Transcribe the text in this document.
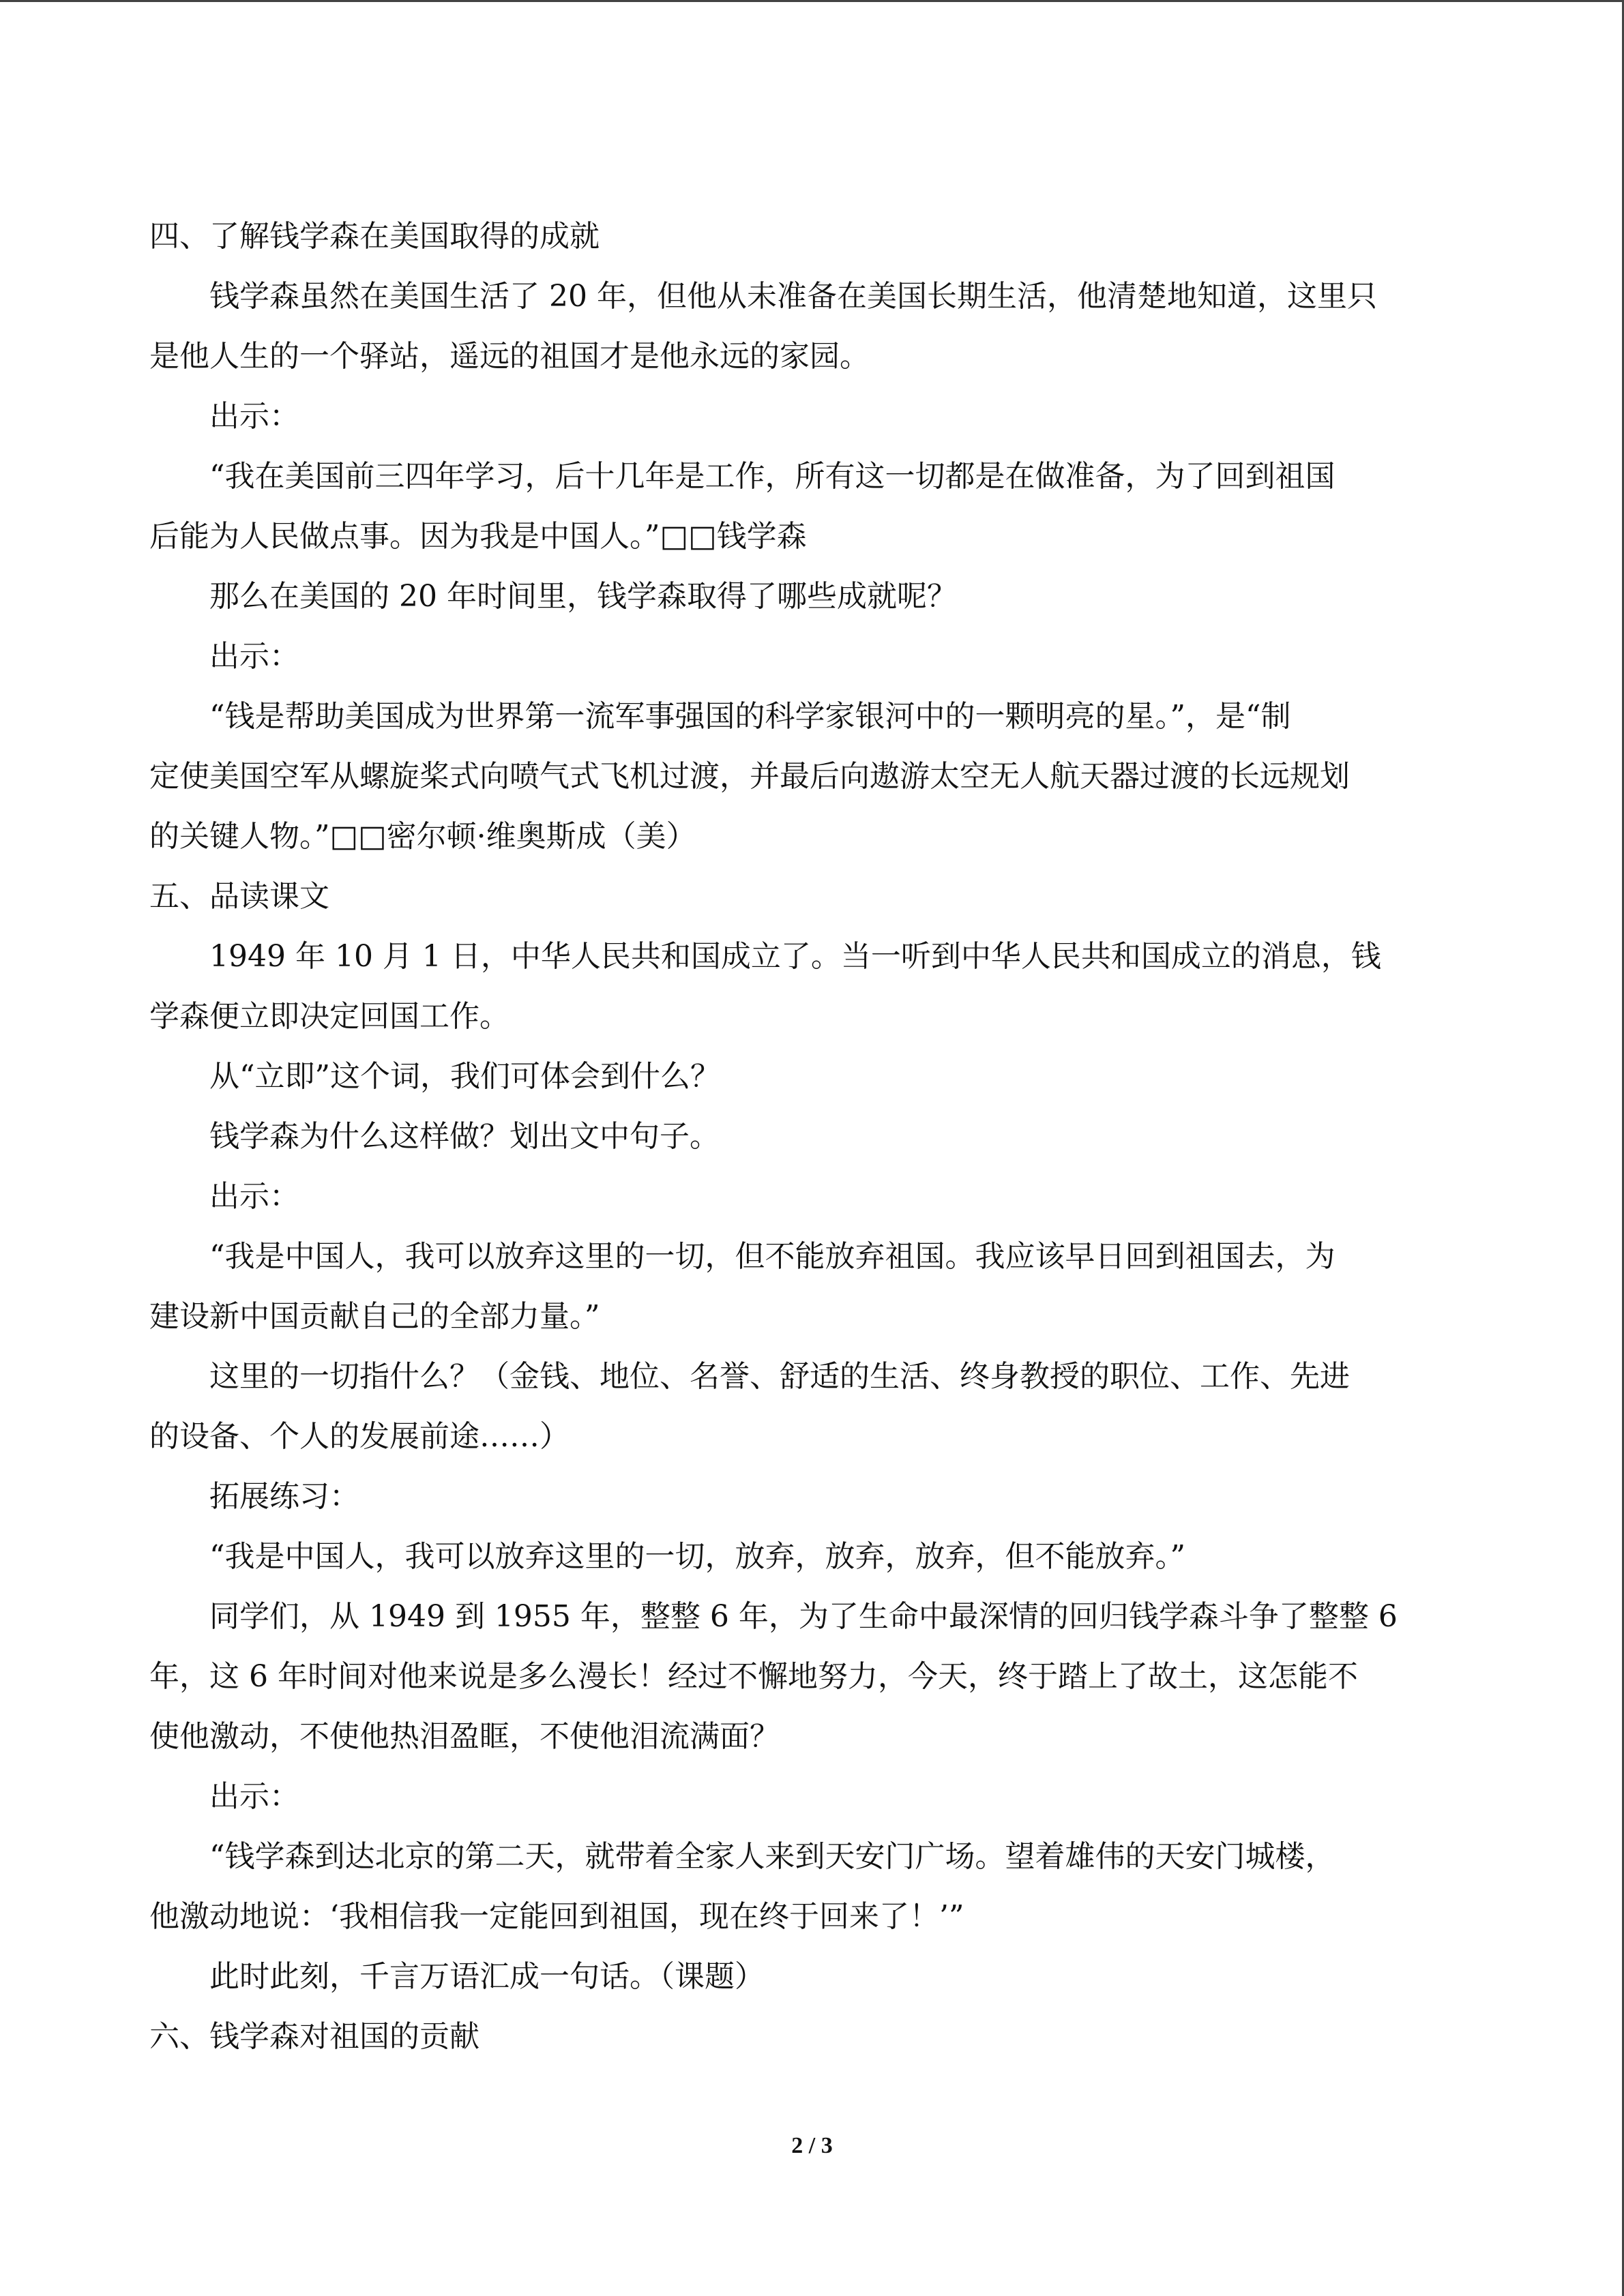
四、了解钱学森在美国取得的成就

钱学森虽然在美国生活了 20 年，但他从未准备在美国长期生活，他清楚地知道，这里只

是他人生的一个驿站，遥远的祖国才是他永远的家园。

出示：

“我在美国前三四年学习，后十几年是工作，所有这一切都是在做准备，为了回到祖国

后能为人民做点事。因为我是中国人。”□□钱学森

那么在美国的 20 年时间里，钱学森取得了哪些成就呢？

出示：

“钱是帮助美国成为世界第一流军事强国的科学家银河中的一颗明亮的星。”，是“制

定使美国空军从螺旋桨式向喷气式飞机过渡，并最后向遨游太空无人航天器过渡的长远规划

的关键人物。”□□密尔顿·维奥斯成（美）

五、品读课文

1949 年 10 月 1 日，中华人民共和国成立了。当一听到中华人民共和国成立的消息，钱

学森便立即决定回国工作。

从“立即”这个词，我们可体会到什么？

钱学森为什么这样做？划出文中句子。

出示：

“我是中国人，我可以放弃这里的一切，但不能放弃祖国。我应该早日回到祖国去，为

建设新中国贡献自己的全部力量。”

这里的一切指什么？（金钱、地位、名誉、舒适的生活、终身教授的职位、工作、先进

的设备、个人的发展前途……）

拓展练习：

“我是中国人，我可以放弃这里的一切，放弃，放弃，放弃，但不能放弃。”

同学们，从 1949 到 1955 年，整整 6 年，为了生命中最深情的回归钱学森斗争了整整 6

年，这 6 年时间对他来说是多么漫长！经过不懈地努力，今天，终于踏上了故土，这怎能不

使他激动，不使他热泪盈眶，不使他泪流满面？

出示：

“钱学森到达北京的第二天，就带着全家人来到天安门广场。望着雄伟的天安门城楼，

他激动地说：‘我相信我一定能回到祖国，现在终于回来了！’”

此时此刻，千言万语汇成一句话。（课题）

六、钱学森对祖国的贡献

2 / 3
